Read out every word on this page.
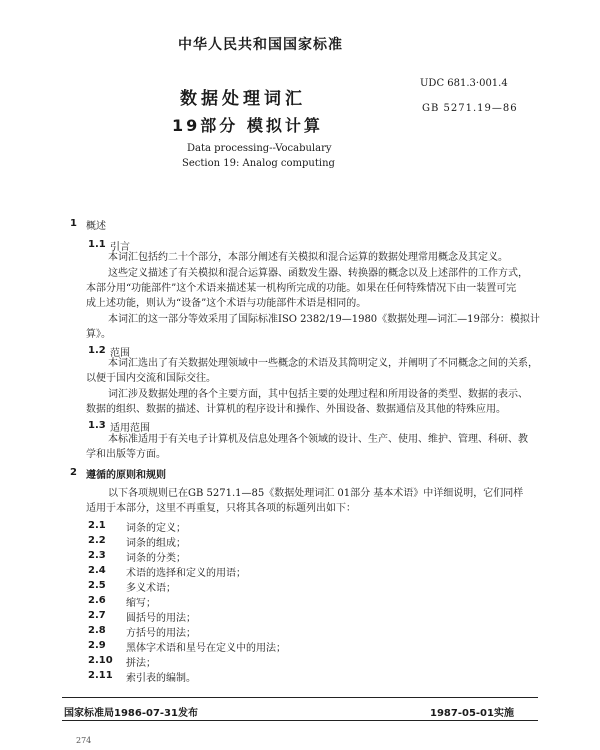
中华人民共和国国家标准
数据处理词汇
19部分 模拟计算
UDC 681.3·001.4
GB 5271.19—86
Data processing--Vocabulary
Section 19: Analog computing
1 概述
1.1 引言
本词汇包括约二十个部分，本部分阐述有关模拟和混合运算的数据处理常用概念及其定义。
这些定义描述了有关模拟和混合运算器、函数发生器、转换器的概念以及上述部件的工作方式，
本部分用“功能部件”这个术语来描述某一机构所完成的功能。如果在任何特殊情况下由一装置可完
成上述功能，则认为“设备”这个术语与功能部件术语是相同的。
本词汇的这一部分等效采用了国际标准ISO 2382/19—1980《数据处理—词汇—19部分：模拟计
算》。
1.2 范围
本词汇选出了有关数据处理领域中一些概念的术语及其简明定义，并阐明了不同概念之间的关系，
以便于国内交流和国际交往。
词汇涉及数据处理的各个主要方面，其中包括主要的处理过程和所用设备的类型、数据的表示、
数据的组织、数据的描述、计算机的程序设计和操作、外围设备、数据通信及其他的特殊应用。
1.3 适用范围
本标准适用于有关电子计算机及信息处理各个领域的设计、生产、使用、维护、管理、科研、教
学和出版等方面。
2 遵循的原则和规则
以下各项规则已在GB 5271.1—85《数据处理词汇 01部分 基本术语》中详细说明，它们同样
适用于本部分，这里不再重复，只将其各项的标题列出如下：
2.1 词条的定义；
2.2 词条的组成；
2.3 词条的分类；
2.4 术语的选择和定义的用语；
2.5 多义术语；
2.6 缩写；
2.7 圆括号的用法；
2.8 方括号的用法；
2.9 黑体字术语和星号在定义中的用法；
2.10 拼法；
2.11 索引表的编制。
国家标准局1986-07-31发布	1987-05-01实施
274
